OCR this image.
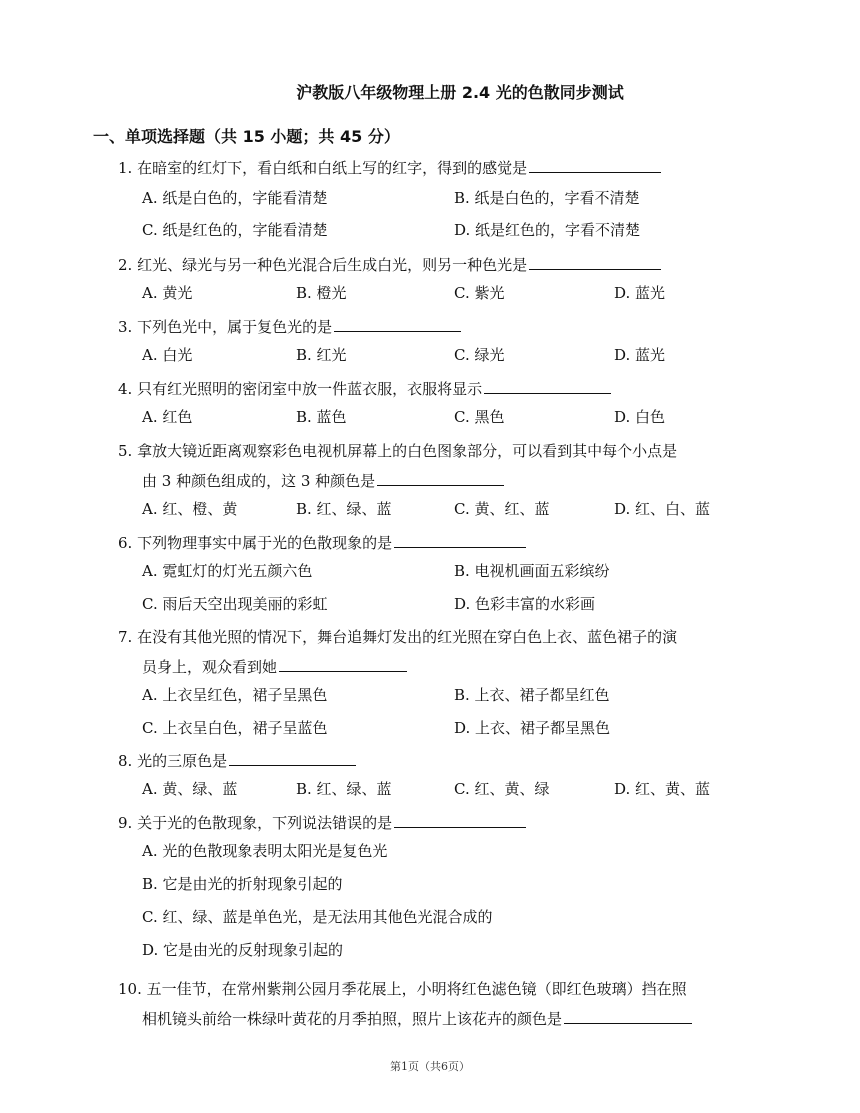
沪教版八年级物理上册 2.4 光的色散同步测试
一、单项选择题（共 15 小题；共 45 分）
1. 在暗室的红灯下，看白纸和白纸上写的红字，得到的感觉是
A. 纸是白色的，字能看清楚	B. 纸是白色的，字看不清楚
C. 纸是红色的，字能看清楚	D. 纸是红色的，字看不清楚
2. 红光、绿光与另一种色光混合后生成白光，则另一种色光是
A. 黄光	B. 橙光	C. 紫光	D. 蓝光
3. 下列色光中，属于复色光的是
A. 白光	B. 红光	C. 绿光	D. 蓝光
4. 只有红光照明的密闭室中放一件蓝衣服，衣服将显示
A. 红色	B. 蓝色	C. 黑色	D. 白色
5. 拿放大镜近距离观察彩色电视机屏幕上的白色图象部分，可以看到其中每个小点是
由 3 种颜色组成的，这 3 种颜色是
A. 红、橙、黄	B. 红、绿、蓝	C. 黄、红、蓝	D. 红、白、蓝
6. 下列物理事实中属于光的色散现象的是
A. 霓虹灯的灯光五颜六色	B. 电视机画面五彩缤纷
C. 雨后天空出现美丽的彩虹	D. 色彩丰富的水彩画
7. 在没有其他光照的情况下，舞台追舞灯发出的红光照在穿白色上衣、蓝色裙子的演
员身上，观众看到她
A. 上衣呈红色，裙子呈黑色	B. 上衣、裙子都呈红色
C. 上衣呈白色，裙子呈蓝色	D. 上衣、裙子都呈黑色
8. 光的三原色是
A. 黄、绿、蓝	B. 红、绿、蓝	C. 红、黄、绿	D. 红、黄、蓝
9. 关于光的色散现象，下列说法错误的是
A. 光的色散现象表明太阳光是复色光
B. 它是由光的折射现象引起的
C. 红、绿、蓝是单色光，是无法用其他色光混合成的
D. 它是由光的反射现象引起的
10. 五一佳节，在常州紫荆公园月季花展上，小明将红色滤色镜（即红色玻璃）挡在照
相机镜头前给一株绿叶黄花的月季拍照，照片上该花卉的颜色是
第1页（共6页）
